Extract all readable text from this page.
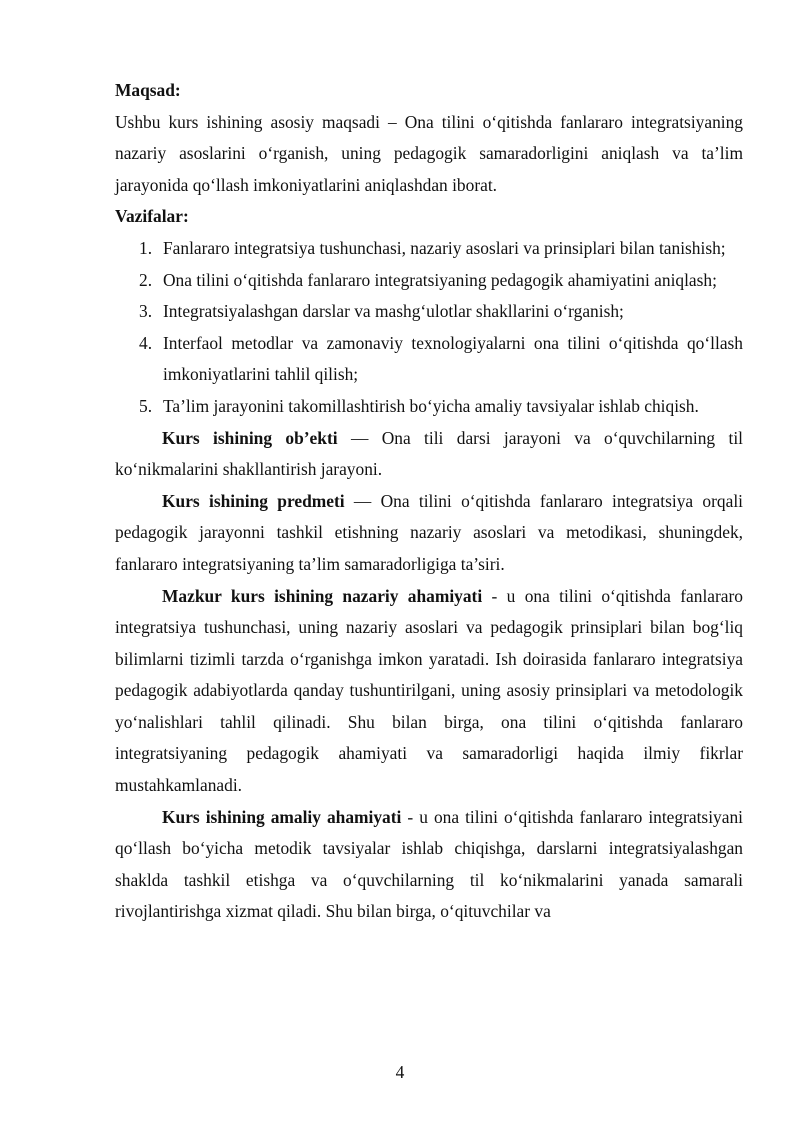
Maqsad:

Ushbu kurs ishining asosiy maqsadi – Ona tilini o‘qitishda fanlararo integratsiyaning nazariy asoslarini o‘rganish, uning pedagogik samaradorligini aniqlash va ta’lim jarayonida qo‘llash imkoniyatlarini aniqlashdan iborat.

Vazifalar:

1. Fanlararo integratsiya tushunchasi, nazariy asoslari va prinsiplari bilan tanishish;
2. Ona tilini o‘qitishda fanlararo integratsiyaning pedagogik ahamiyatini aniqlash;
3. Integratsiyalashgan darslar va mashg‘ulotlar shakllarini o‘rganish;
4. Interfaol metodlar va zamonaviy texnologiyalarni ona tilini o‘qitishda qo‘llash imkoniyatlarini tahlil qilish;
5. Ta’lim jarayonini takomillashtirish bo‘yicha amaliy tavsiyalar ishlab chiqish.

Kurs ishining ob’ekti — Ona tili darsi jarayoni va o‘quvchilarning til ko‘nikmalarini shakllantirish jarayoni.

Kurs ishining predmeti — Ona tilini o‘qitishda fanlararo integratsiya orqali pedagogik jarayonni tashkil etishning nazariy asoslari va metodikasi, shuningdek, fanlararo integratsiyaning ta’lim samaradorligiga ta’siri.

Mazkur kurs ishining nazariy ahamiyati - u ona tilini o‘qitishda fanlararo integratsiya tushunchasi, uning nazariy asoslari va pedagogik prinsiplari bilan bog‘liq bilimlarni tizimli tarzda o‘rganishga imkon yaratadi. Ish doirasida fanlararo integratsiya pedagogik adabiyotlarda qanday tushuntirilgani, uning asosiy prinsiplari va metodologik yo‘nalishlari tahlil qilinadi. Shu bilan birga, ona tilini o‘qitishda fanlararo integratsiyaning pedagogik ahamiyati va samaradorligi haqida ilmiy fikrlar mustahkamlanadi.

Kurs ishining amaliy ahamiyati - u ona tilini o‘qitishda fanlararo integratsiyani qo‘llash bo‘yicha metodik tavsiyalar ishlab chiqishga, darslarni integratsiyalashgan shaklda tashkil etishga va o‘quvchilarning til ko‘nikmalarini yanada samarali rivojlantirishga xizmat qiladi. Shu bilan birga, o‘qituvchilar va

4
